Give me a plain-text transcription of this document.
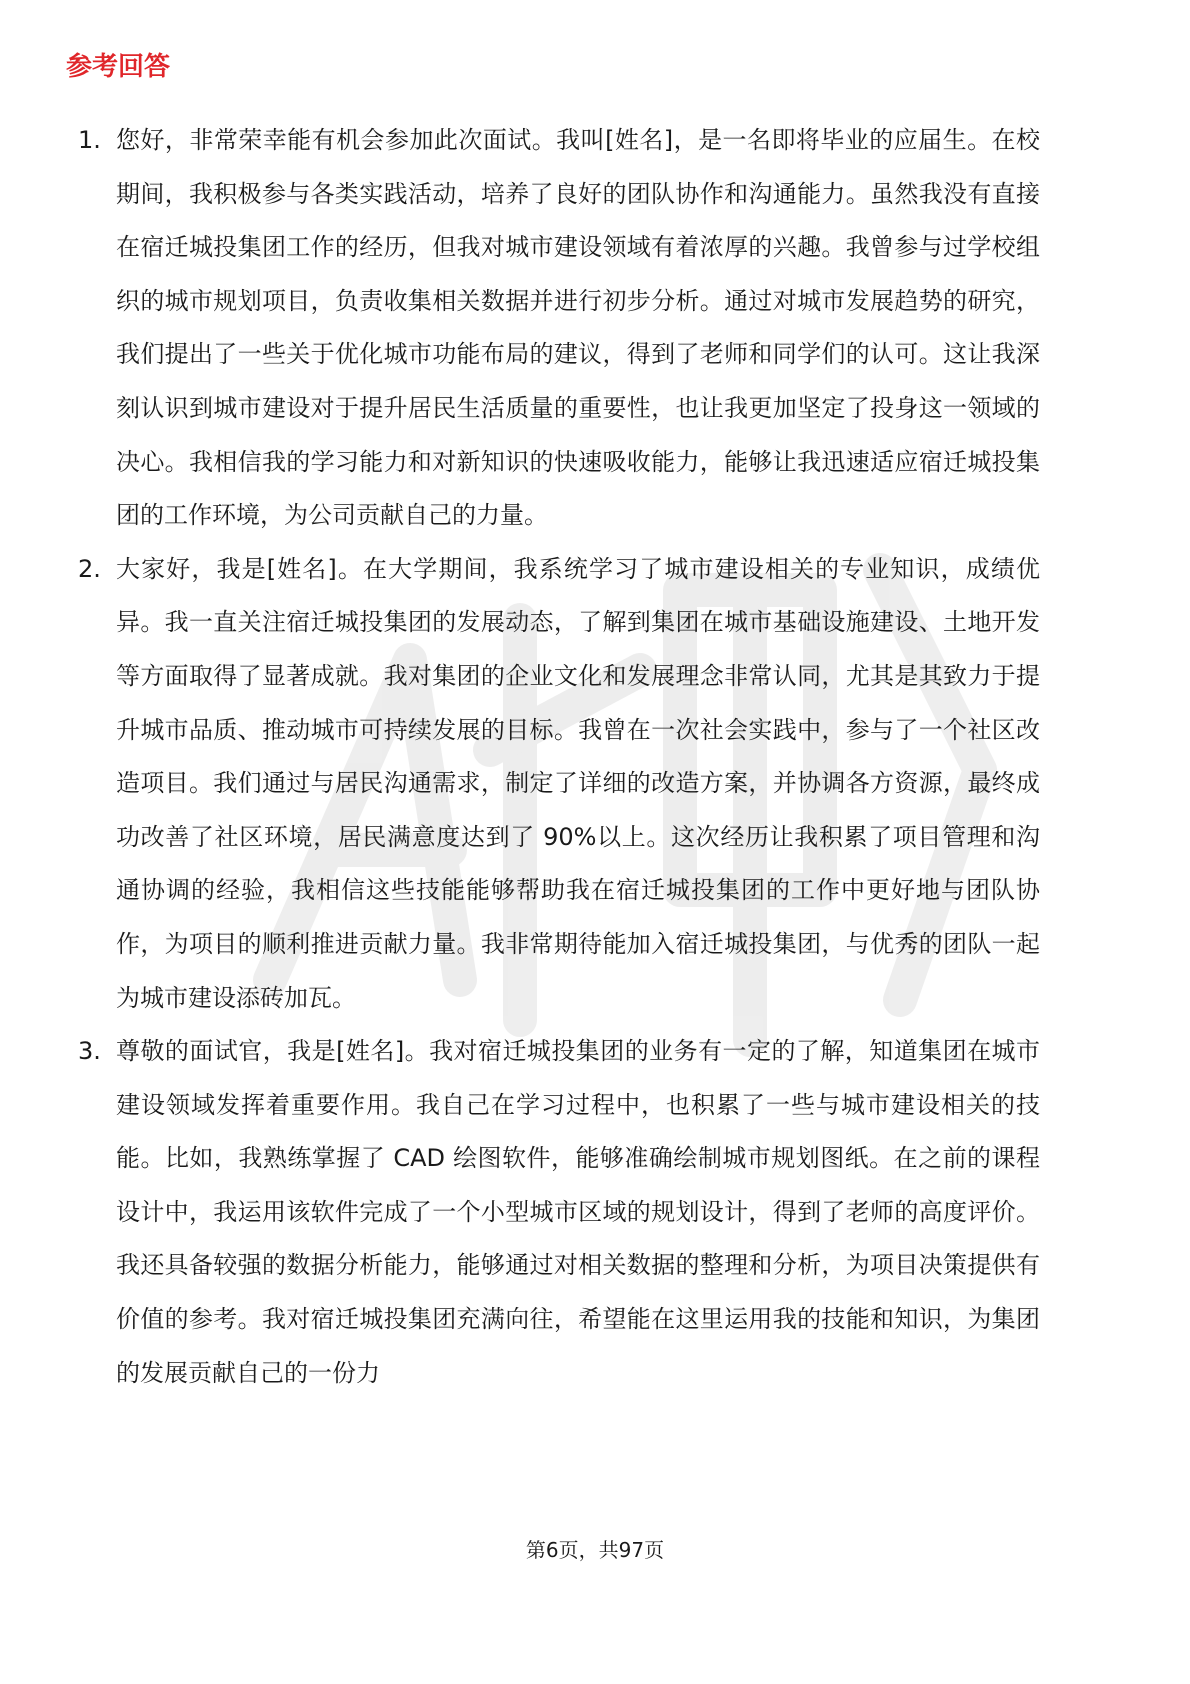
参考回答
1. 您好，非常荣幸能有机会参加此次面试。我叫[姓名]，是一名即将毕业的应届生。在校期间，我积极参与各类实践活动，培养了良好的团队协作和沟通能力。虽然我没有直接在宿迁城投集团工作的经历，但我对城市建设领域有着浓厚的兴趣。我曾参与过学校组织的城市规划项目，负责收集相关数据并进行初步分析。通过对城市发展趋势的研究，我们提出了一些关于优化城市功能布局的建议，得到了老师和同学们的认可。这让我深刻认识到城市建设对于提升居民生活质量的重要性，也让我更加坚定了投身这一领域的决心。我相信我的学习能力和对新知识的快速吸收能力，能够让我迅速适应宿迁城投集团的工作环境，为公司贡献自己的力量。
2. 大家好，我是[姓名]。在大学期间，我系统学习了城市建设相关的专业知识，成绩优异。我一直关注宿迁城投集团的发展动态，了解到集团在城市基础设施建设、土地开发等方面取得了显著成就。我对集团的企业文化和发展理念非常认同，尤其是其致力于提升城市品质、推动城市可持续发展的目标。我曾在一次社会实践中，参与了一个社区改造项目。我们通过与居民沟通需求，制定了详细的改造方案，并协调各方资源，最终成功改善了社区环境，居民满意度达到了 90%以上。这次经历让我积累了项目管理和沟通协调的经验，我相信这些技能能够帮助我在宿迁城投集团的工作中更好地与团队协作，为项目的顺利推进贡献力量。我非常期待能加入宿迁城投集团，与优秀的团队一起为城市建设添砖加瓦。
3. 尊敬的面试官，我是[姓名]。我对宿迁城投集团的业务有一定的了解，知道集团在城市建设领域发挥着重要作用。我自己在学习过程中，也积累了一些与城市建设相关的技能。比如，我熟练掌握了 CAD 绘图软件，能够准确绘制城市规划图纸。在之前的课程设计中，我运用该软件完成了一个小型城市区域的规划设计，得到了老师的高度评价。我还具备较强的数据分析能力，能够通过对相关数据的整理和分析，为项目决策提供有价值的参考。我对宿迁城投集团充满向往，希望能在这里运用我的技能和知识，为集团的发展贡献自己的一份力
第6页，共97页
